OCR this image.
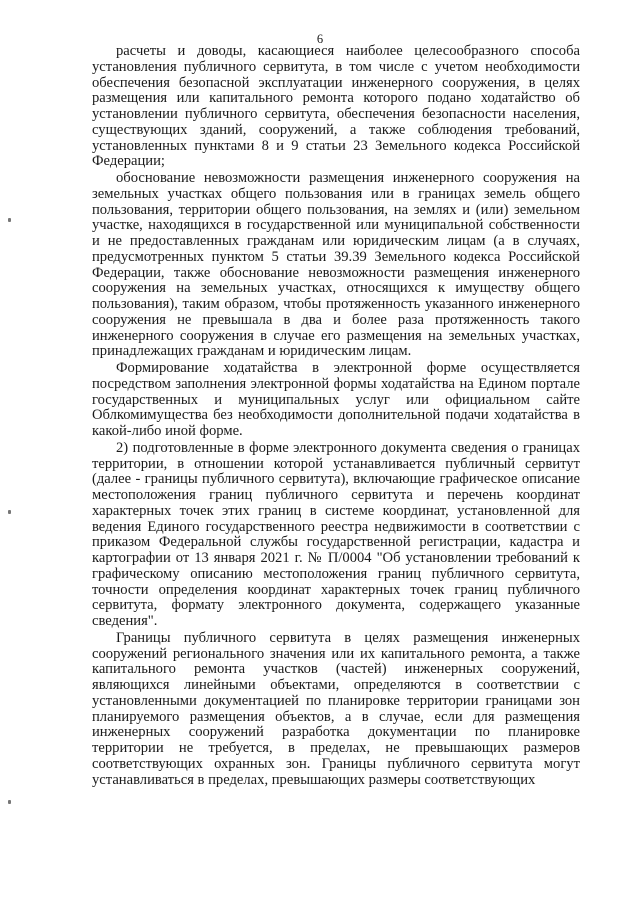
6

расчеты и доводы, касающиеся наиболее целесообразного способа установления публичного сервитута, в том числе с учетом необходимости обеспечения безопасной эксплуатации инженерного сооружения, в целях размещения или капитального ремонта которого подано ходатайство об установлении публичного сервитута, обеспечения безопасности населения, существующих зданий, сооружений, а также соблюдения требований, установленных пунктами 8 и 9 статьи 23 Земельного кодекса Российской Федерации;

обоснование невозможности размещения инженерного сооружения на земельных участках общего пользования или в границах земель общего пользования, территории общего пользования, на землях и (или) земельном участке, находящихся в государственной или муниципальной собственности и не предоставленных гражданам или юридическим лицам (а в случаях, предусмотренных пунктом 5 статьи 39.39 Земельного кодекса Российской Федерации, также обоснование невозможности размещения инженерного сооружения на земельных участках, относящихся к имуществу общего пользования), таким образом, чтобы протяженность указанного инженерного сооружения не превышала в два и более раза протяженность такого инженерного сооружения в случае его размещения на земельных участках, принадлежащих гражданам и юридическим лицам.

Формирование ходатайства в электронной форме осуществляется посредством заполнения электронной формы ходатайства на Едином портале государственных и муниципальных услуг или официальном сайте Облкомимущества без необходимости дополнительной подачи ходатайства в какой-либо иной форме.

2) подготовленные в форме электронного документа сведения о границах территории, в отношении которой устанавливается публичный сервитут (далее - границы публичного сервитута), включающие графическое описание местоположения границ публичного сервитута и перечень координат характерных точек этих границ в системе координат, установленной для ведения Единого государственного реестра недвижимости в соответствии с приказом Федеральной службы государственной регистрации, кадастра и картографии от 13 января 2021 г. № П/0004 "Об установлении требований к графическому описанию местоположения границ публичного сервитута, точности определения координат характерных точек границ публичного сервитута, формату электронного документа, содержащего указанные сведения".

Границы публичного сервитута в целях размещения инженерных сооружений регионального значения или их капитального ремонта, а также капитального ремонта участков (частей) инженерных сооружений, являющихся линейными объектами, определяются в соответствии с установленными документацией по планировке территории границами зон планируемого размещения объектов, а в случае, если для размещения инженерных сооружений разработка документации по планировке территории не требуется, в пределах, не превышающих размеров соответствующих охранных зон. Границы публичного сервитута могут устанавливаться в пределах, превышающих размеры соответствующих
